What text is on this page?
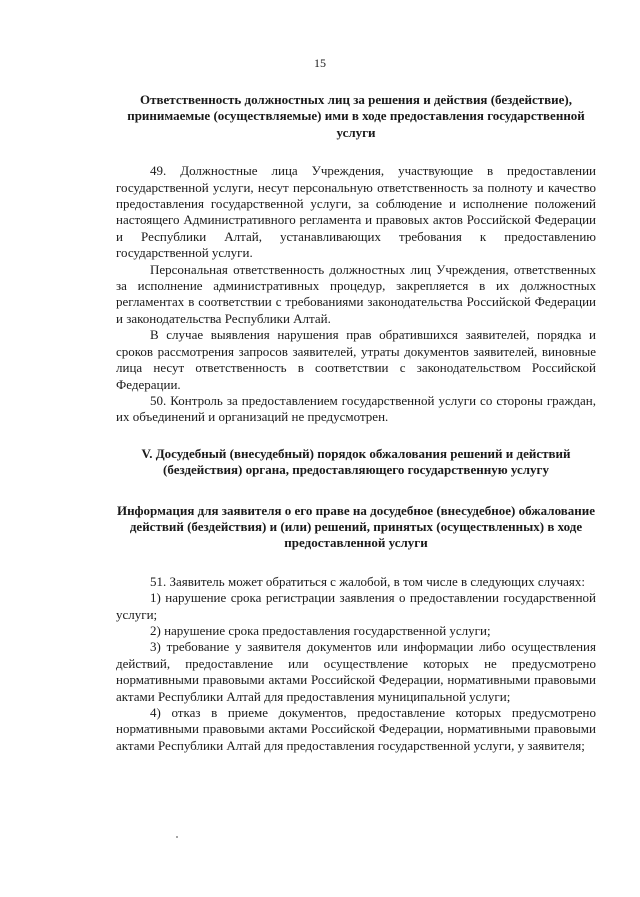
15

Ответственность должностных лиц за решения и действия (бездействие), принимаемые (осуществляемые) ими в ходе предоставления государственной услуги

49. Должностные лица Учреждения, участвующие в предоставлении государственной услуги, несут персональную ответственность за полноту и качество предоставления государственной услуги, за соблюдение и исполнение положений настоящего Административного регламента и правовых актов Российской Федерации и Республики Алтай, устанавливающих требования к предоставлению государственной услуги.

Персональная ответственность должностных лиц Учреждения, ответственных за исполнение административных процедур, закрепляется в их должностных регламентах в соответствии с требованиями законодательства Российской Федерации и законодательства Республики Алтай.

В случае выявления нарушения прав обратившихся заявителей, порядка и сроков рассмотрения запросов заявителей, утраты документов заявителей, виновные лица несут ответственность в соответствии с законодательством Российской Федерации.

50. Контроль за предоставлением государственной услуги со стороны граждан, их объединений и организаций не предусмотрен.

V. Досудебный (внесудебный) порядок обжалования решений и действий (бездействия) органа, предоставляющего государственную услугу

Информация для заявителя о его праве на досудебное (внесудебное) обжалование действий (бездействия) и (или) решений, принятых (осуществленных) в ходе предоставленной услуги

51. Заявитель может обратиться с жалобой, в том числе в следующих случаях:

1) нарушение срока регистрации заявления о предоставлении государственной услуги;

2) нарушение срока предоставления государственной услуги;

3) требование у заявителя документов или информации либо осуществления действий, предоставление или осуществление которых не предусмотрено нормативными правовыми актами Российской Федерации, нормативными правовыми актами Республики Алтай для предоставления муниципальной услуги;

4) отказ в приеме документов, предоставление которых предусмотрено нормативными правовыми актами Российской Федерации, нормативными правовыми актами Республики Алтай для предоставления государственной услуги, у заявителя;
